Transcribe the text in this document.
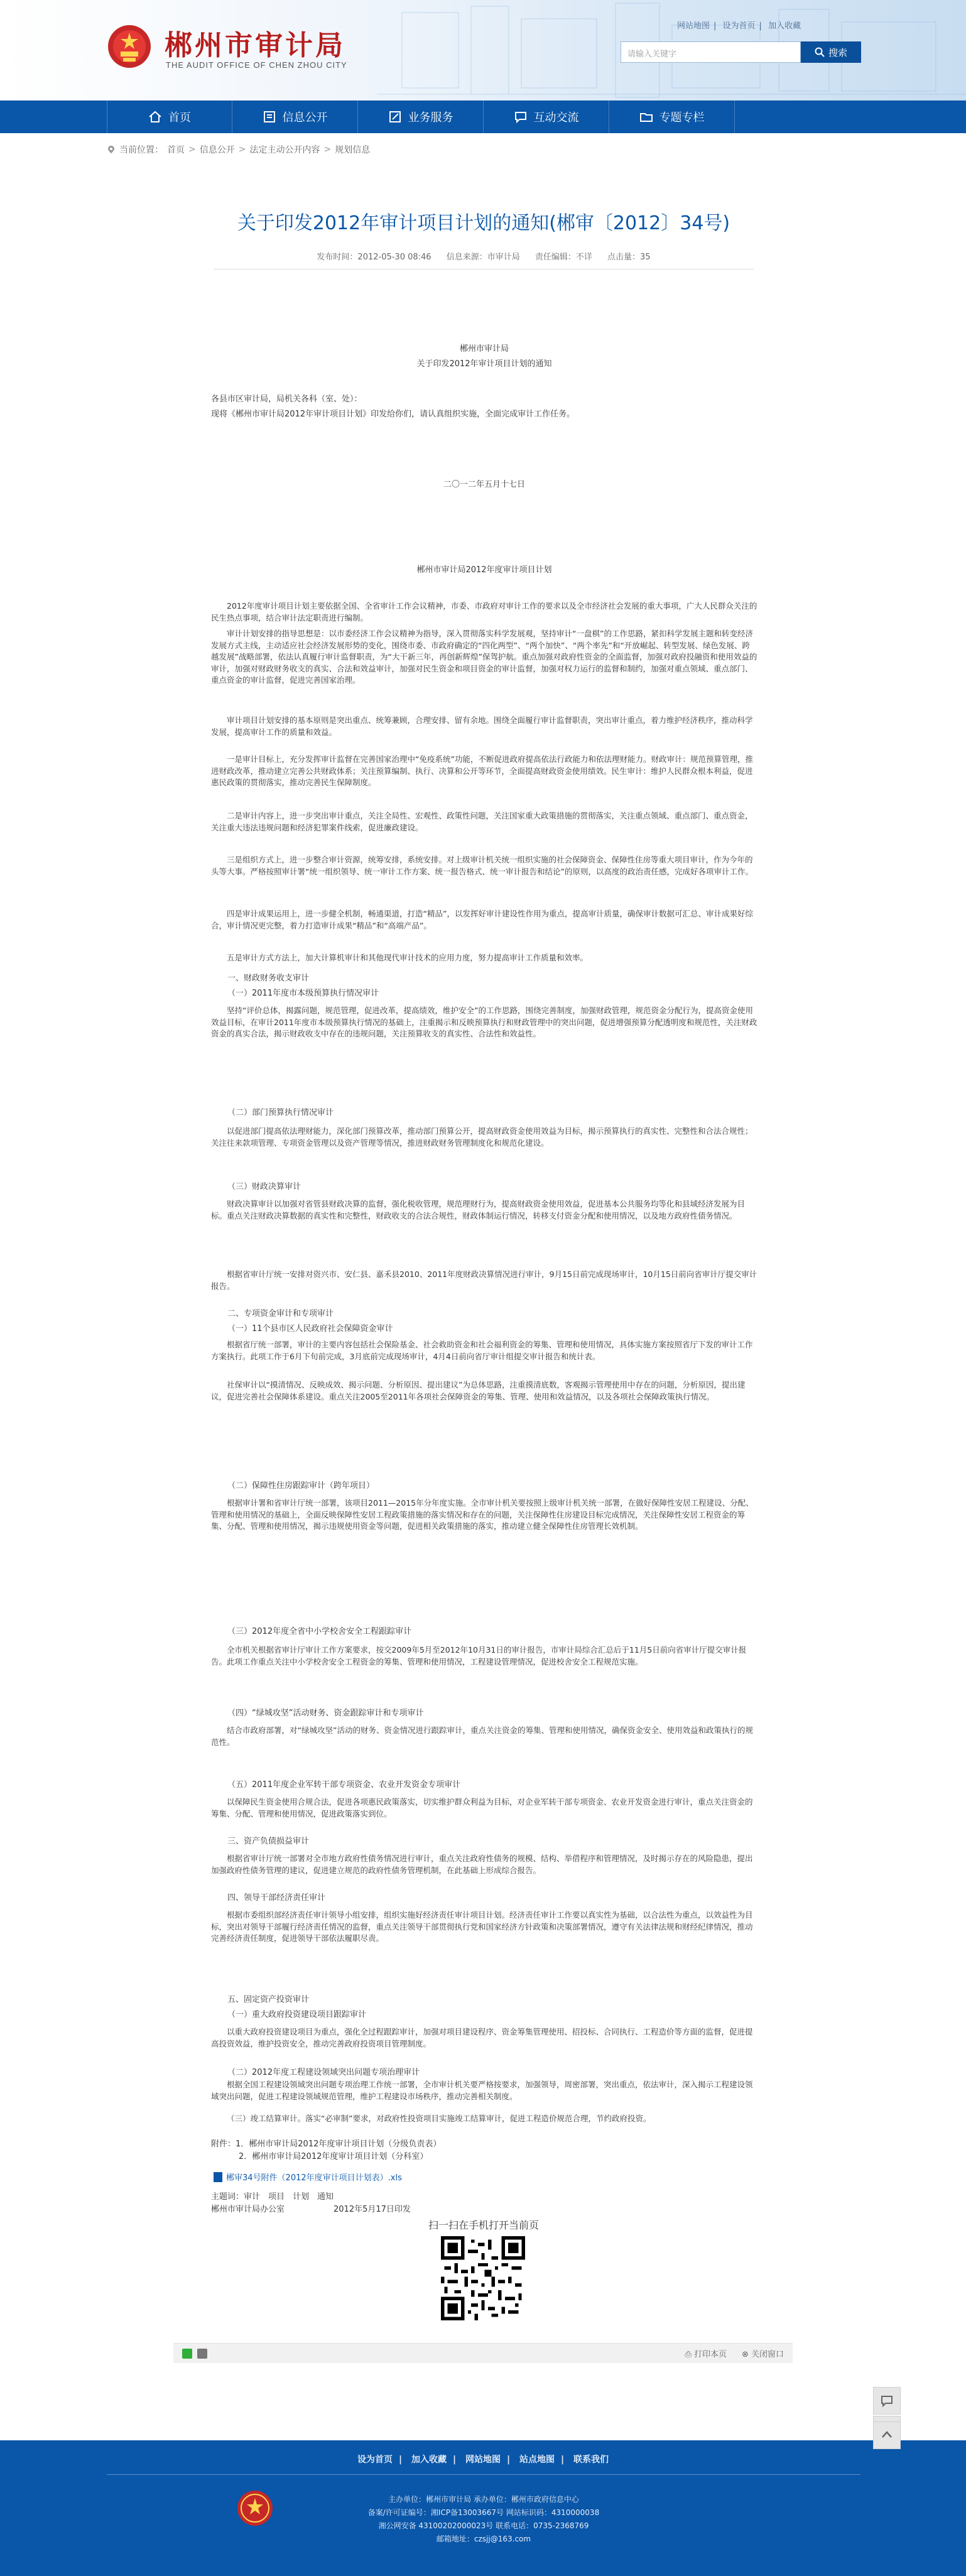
郴州市审计局
THE AUDIT OFFICE OF CHEN ZHOU CITY
网站地图 | 设为首页 | 加入收藏
请输入关键字	搜索
首页	信息公开	业务服务	互动交流	专题专栏
当前位置： 首页 > 信息公开 > 法定主动公开内容 > 规划信息
关于印发2012年审计项目计划的通知(郴审〔2012〕34号)
发布时间：2012-05-30 08:46 信息来源：市审计局 责任编辑：不详 点击量：35
郴州市审计局
关于印发2012年审计项目计划的通知
各县市区审计局，局机关各科（室、处）：
现将《郴州市审计局2012年审计项目计划》印发给你们，请认真组织实施，全面完成审计工作任务。
二〇一二年五月十七日
郴州市审计局2012年度审计项目计划
2012年度审计项目计划主要依据全国、全省审计工作会议精神，市委、市政府对审计工作的要求以及全市经济社会发展的重大事项，广大人民群众关注的民生热点事项，结合审计法定职责进行编制。
审计计划安排的指导思想是：以市委经济工作会议精神为指导，深入贯彻落实科学发展观，坚持审计“一盘棋”的工作思路，紧扣科学发展主题和转变经济发展方式主线，主动适应社会经济发展形势的变化，围绕市委、市政府确定的“四化两型”、“两个加快”、“两个率先”和“开放崛起、转型发展、绿色发展、跨越发展”战略部署，依法认真履行审计监督职责，为“大干新三年，再创新辉煌”保驾护航。重点加强对政府性资金的全面监督，加强对政府投融资和使用效益的审计，加强对财政财务收支的真实、合法和效益审计，加强对民生资金和项目资金的审计监督，加强对权力运行的监督和制约，加强对重点领域、重点部门、重点资金的审计监督，促进完善国家治理。
审计项目计划安排的基本原则是突出重点、统筹兼顾，合理安排、留有余地。围绕全面履行审计监督职责，突出审计重点，着力维护经济秩序，推动科学发展，提高审计工作的质量和效益。
一是审计目标上，充分发挥审计监督在完善国家治理中“免疫系统”功能，不断促进政府提高依法行政能力和依法理财能力。财政审计：规范预算管理，推进财政改革，推动建立完善公共财政体系；关注预算编制、执行、决算和公开等环节，全面提高财政资金使用绩效。民生审计：维护人民群众根本利益，促进惠民政策的贯彻落实，推动完善民生保障制度。
二是审计内容上，进一步突出审计重点，关注全局性、宏观性、政策性问题，关注国家重大政策措施的贯彻落实，关注重点领域、重点部门、重点资金，关注重大违法违规问题和经济犯罪案件线索，促进廉政建设。
三是组织方式上，进一步整合审计资源，统筹安排，系统安排。对上级审计机关统一组织实施的社会保障资金、保障性住房等重大项目审计，作为今年的头等大事。严格按照审计署“统一组织领导、统一审计工作方案、统一报告格式、统一审计报告和结论”的原则，以高度的政治责任感，完成好各项审计工作。
四是审计成果运用上，进一步健全机制，畅通渠道，打造“精品”，以发挥好审计建设性作用为重点，提高审计质量，确保审计数据可汇总、审计成果好综合，审计情况更完整，着力打造审计成果“精品”和“高端产品”。
五是审计方式方法上，加大计算机审计和其他现代审计技术的应用力度，努力提高审计工作质量和效率。
一、财政财务收支审计
（一）2011年度市本级预算执行情况审计
坚持“评价总体，揭露问题，规范管理，促进改革，提高绩效，维护安全”的工作思路，围绕完善制度，加强财政管理，规范资金分配行为，提高资金使用效益目标，在审计2011年度市本级预算执行情况的基础上，注重揭示和反映预算执行和财政管理中的突出问题，促进增强预算分配透明度和规范性，关注财政资金的真实合法，揭示财政收支中存在的违规问题，关注预算收支的真实性、合法性和效益性。
（二）部门预算执行情况审计
以促进部门提高依法理财能力，深化部门预算改革，推动部门预算公开，提高财政资金使用效益为目标，揭示预算执行的真实性、完整性和合法合规性；关注往来款项管理、专项资金管理以及资产管理等情况，推进财政财务管理制度化和规范化建设。
（三）财政决算审计
财政决算审计以加强对省管县财政决算的监督，强化税收管理，规范理财行为，提高财政资金使用效益，促进基本公共服务均等化和县域经济发展为目标。重点关注财政决算数据的真实性和完整性，财政收支的合法合规性，财政体制运行情况，转移支付资金分配和使用情况，以及地方政府性债务情况。
根据省审计厅统一安排对资兴市、安仁县、嘉禾县2010、2011年度财政决算情况进行审计，9月15日前完成现场审计，10月15日前向省审计厅提交审计报告。
二、专项资金审计和专项审计
（一）11个县市区人民政府社会保障资金审计
根据省厅统一部署，审计的主要内容包括社会保险基金、社会救助资金和社会福利资金的筹集、管理和使用情况，具体实施方案按照省厅下发的审计工作方案执行。此项工作于6月下旬前完成，3月底前完成现场审计，4月4日前向省厅审计组提交审计报告和统计表。
社保审计以“摸清情况、反映成效、揭示问题、分析原因、提出建议”为总体思路，注重摸清底数，客观揭示管理使用中存在的问题，分析原因，提出建议，促进完善社会保障体系建设。重点关注2005至2011年各项社会保障资金的筹集、管理、使用和效益情况，以及各项社会保障政策执行情况。
（二）保障性住房跟踪审计（跨年项目）
根据审计署和省审计厅统一部署，该项目2011—2015年分年度实施。全市审计机关要按照上级审计机关统一部署，在做好保障性安居工程建设、分配、管理和使用情况的基础上，全面反映保障性安居工程政策措施的落实情况和存在的问题，关注保障性住房建设目标完成情况，关注保障性安居工程资金的筹集、分配、管理和使用情况，揭示违规使用资金等问题，促进相关政策措施的落实，推动建立健全保障性住房管理长效机制。
（三）2012年度全省中小学校舍安全工程跟踪审计
全市机关根据省审计厅审计工作方案要求，按交2009年5月至2012年10月31日的审计报告，市审计局综合汇总后于11月5日前向省审计厅提交审计报告。此项工作重点关注中小学校舍安全工程资金的筹集、管理和使用情况，工程建设管理情况，促进校舍安全工程规范实施。
（四）“绿城攻坚”活动财务、资金跟踪审计和专项审计
结合市政府部署，对“绿城攻坚”活动的财务、资金情况进行跟踪审计，重点关注资金的筹集、管理和使用情况，确保资金安全、使用效益和政策执行的规范性。
（五）2011年度企业军转干部专项资金、农业开发资金专项审计
以保障民生资金使用合规合法，促进各项惠民政策落实，切实维护群众利益为目标，对企业军转干部专项资金、农业开发资金进行审计，重点关注资金的筹集、分配、管理和使用情况，促进政策落实到位。
三、资产负债损益审计
根据省审计厅统一部署对全市地方政府性债务情况进行审计，重点关注政府性债务的规模、结构、举借程序和管理情况，及时揭示存在的风险隐患，提出加强政府性债务管理的建议，促进建立规范的政府性债务管理机制，在此基础上形成综合报告。
四、领导干部经济责任审计
根据市委组织部经济责任审计领导小组安排，组织实施好经济责任审计项目计划。经济责任审计工作要以真实性为基础，以合法性为重点，以效益性为目标，突出对领导干部履行经济责任情况的监督，重点关注领导干部贯彻执行党和国家经济方针政策和决策部署情况，遵守有关法律法规和财经纪律情况，推动完善经济责任制度，促进领导干部依法履职尽责。
五、固定资产投资审计
（一）重大政府投资建设项目跟踪审计
以重大政府投资建设项目为重点，强化全过程跟踪审计，加强对项目建设程序、资金筹集管理使用、招投标、合同执行、工程造价等方面的监督，促进提高投资效益，维护投资安全，推动完善政府投资项目管理制度。
（二）2012年度工程建设领域突出问题专项治理审计
根据全国工程建设领域突出问题专项治理工作统一部署，全市审计机关要严格按要求，加强领导，周密部署，突出重点，依法审计，深入揭示工程建设领域突出问题，促进工程建设领域规范管理，维护工程建设市场秩序，推动完善相关制度。
（三）竣工结算审计。落实“必审制”要求，对政府性投资项目实施竣工结算审计，促进工程造价规范合理，节约政府投资。
附件：1．郴州市审计局2012年度审计项目计划（分级负责表）
2．郴州市审计局2012年度审计项目计划（分科室）
郴审34号附件（2012年度审计项目计划表）.xls
主题词：审计　项目　计划　通知
郴州市审计局办公室　　　　　　2012年5月17日印发
扫一扫在手机打开当前页
⎙ 打印本页 ⊗ 关闭窗口
设为首页 | 加入收藏 | 网站地图 | 站点地图 | 联系我们
主办单位：郴州市审计局 承办单位：郴州市政府信息中心
备案/许可证编号：湘ICP备13003667号 网站标识码：4310000038
湘公网安备 43100202000023号 联系电话：0735-2368769
邮箱地址：czsjj@163.com
